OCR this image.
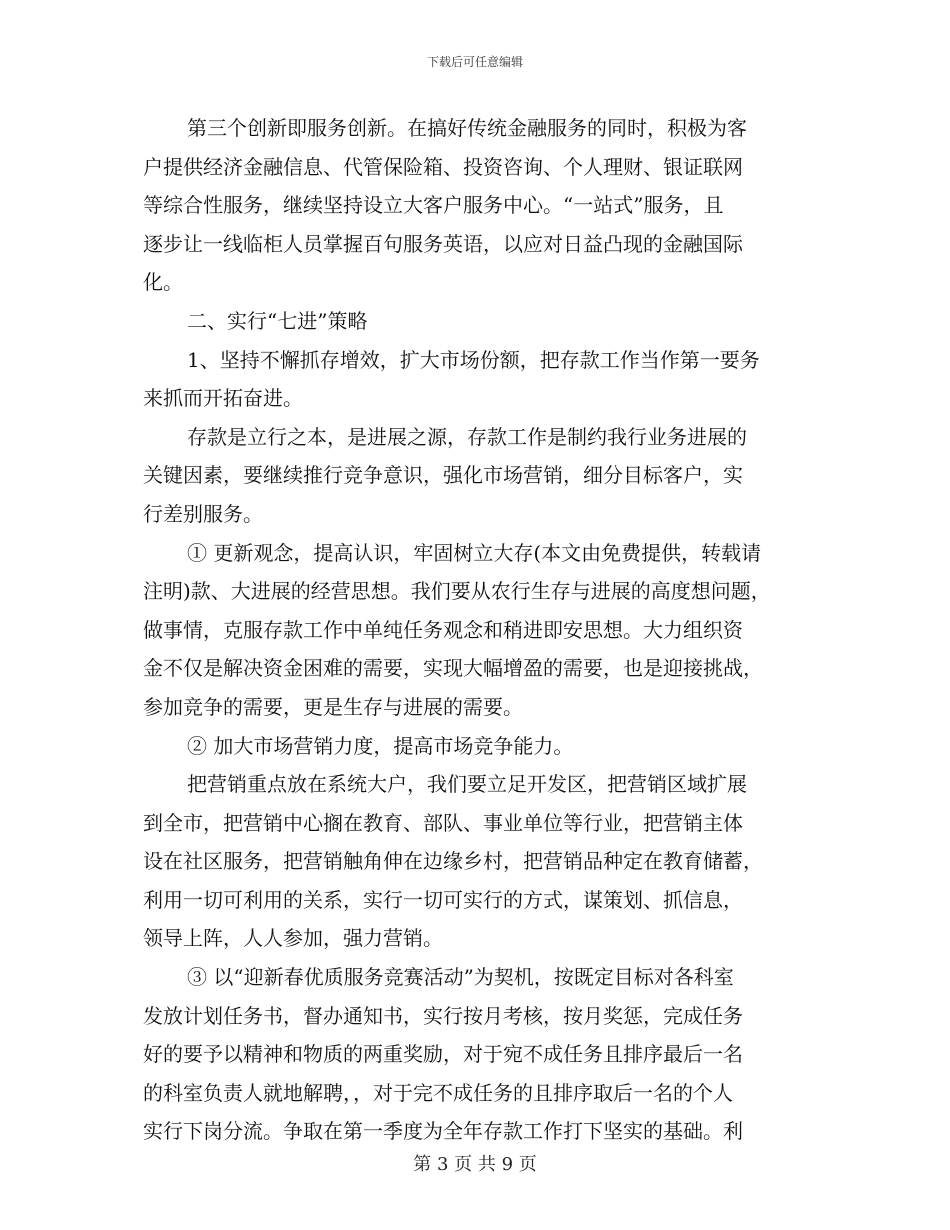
下载后可任意编辑
第三个创新即服务创新。在搞好传统金融服务的同时，积极为客
户提供经济金融信息、代管保险箱、投资咨询、个人理财、银证联网
等综合性服务，继续坚持设立大客户服务中心。“一站式”服务，且
逐步让一线临柜人员掌握百句服务英语，以应对日益凸现的金融国际
化。
二、实行“七进”策略
1、坚持不懈抓存增效，扩大市场份额，把存款工作当作第一要务
来抓而开拓奋进。
存款是立行之本，是进展之源，存款工作是制约我行业务进展的
关键因素，要继续推行竞争意识，强化市场营销，细分目标客户，实
行差别服务。
① 更新观念，提高认识，牢固树立大存(本文由免费提供，转载请
注明)款、大进展的经营思想。我们要从农行生存与进展的高度想问题，
做事情，克服存款工作中单纯任务观念和稍进即安思想。大力组织资
金不仅是解决资金困难的需要，实现大幅增盈的需要，也是迎接挑战，
参加竞争的需要，更是生存与进展的需要。
② 加大市场营销力度，提高市场竞争能力。
把营销重点放在系统大户，我们要立足开发区，把营销区域扩展
到全市，把营销中心搁在教育、部队、事业单位等行业，把营销主体
设在社区服务，把营销触角伸在边缘乡村，把营销品种定在教育储蓄，
利用一切可利用的关系，实行一切可实行的方式，谋策划、抓信息，
领导上阵，人人参加，强力营销。
③ 以“迎新春优质服务竞赛活动”为契机，按既定目标对各科室
发放计划任务书，督办通知书，实行按月考核，按月奖惩，完成任务
好的要予以精神和物质的两重奖励，对于宛不成任务且排序最后一名
的科室负责人就地解聘，，对于完不成任务的且排序取后一名的个人
实行下岗分流。争取在第一季度为全年存款工作打下坚实的基础。利
第 3 页 共 9 页
